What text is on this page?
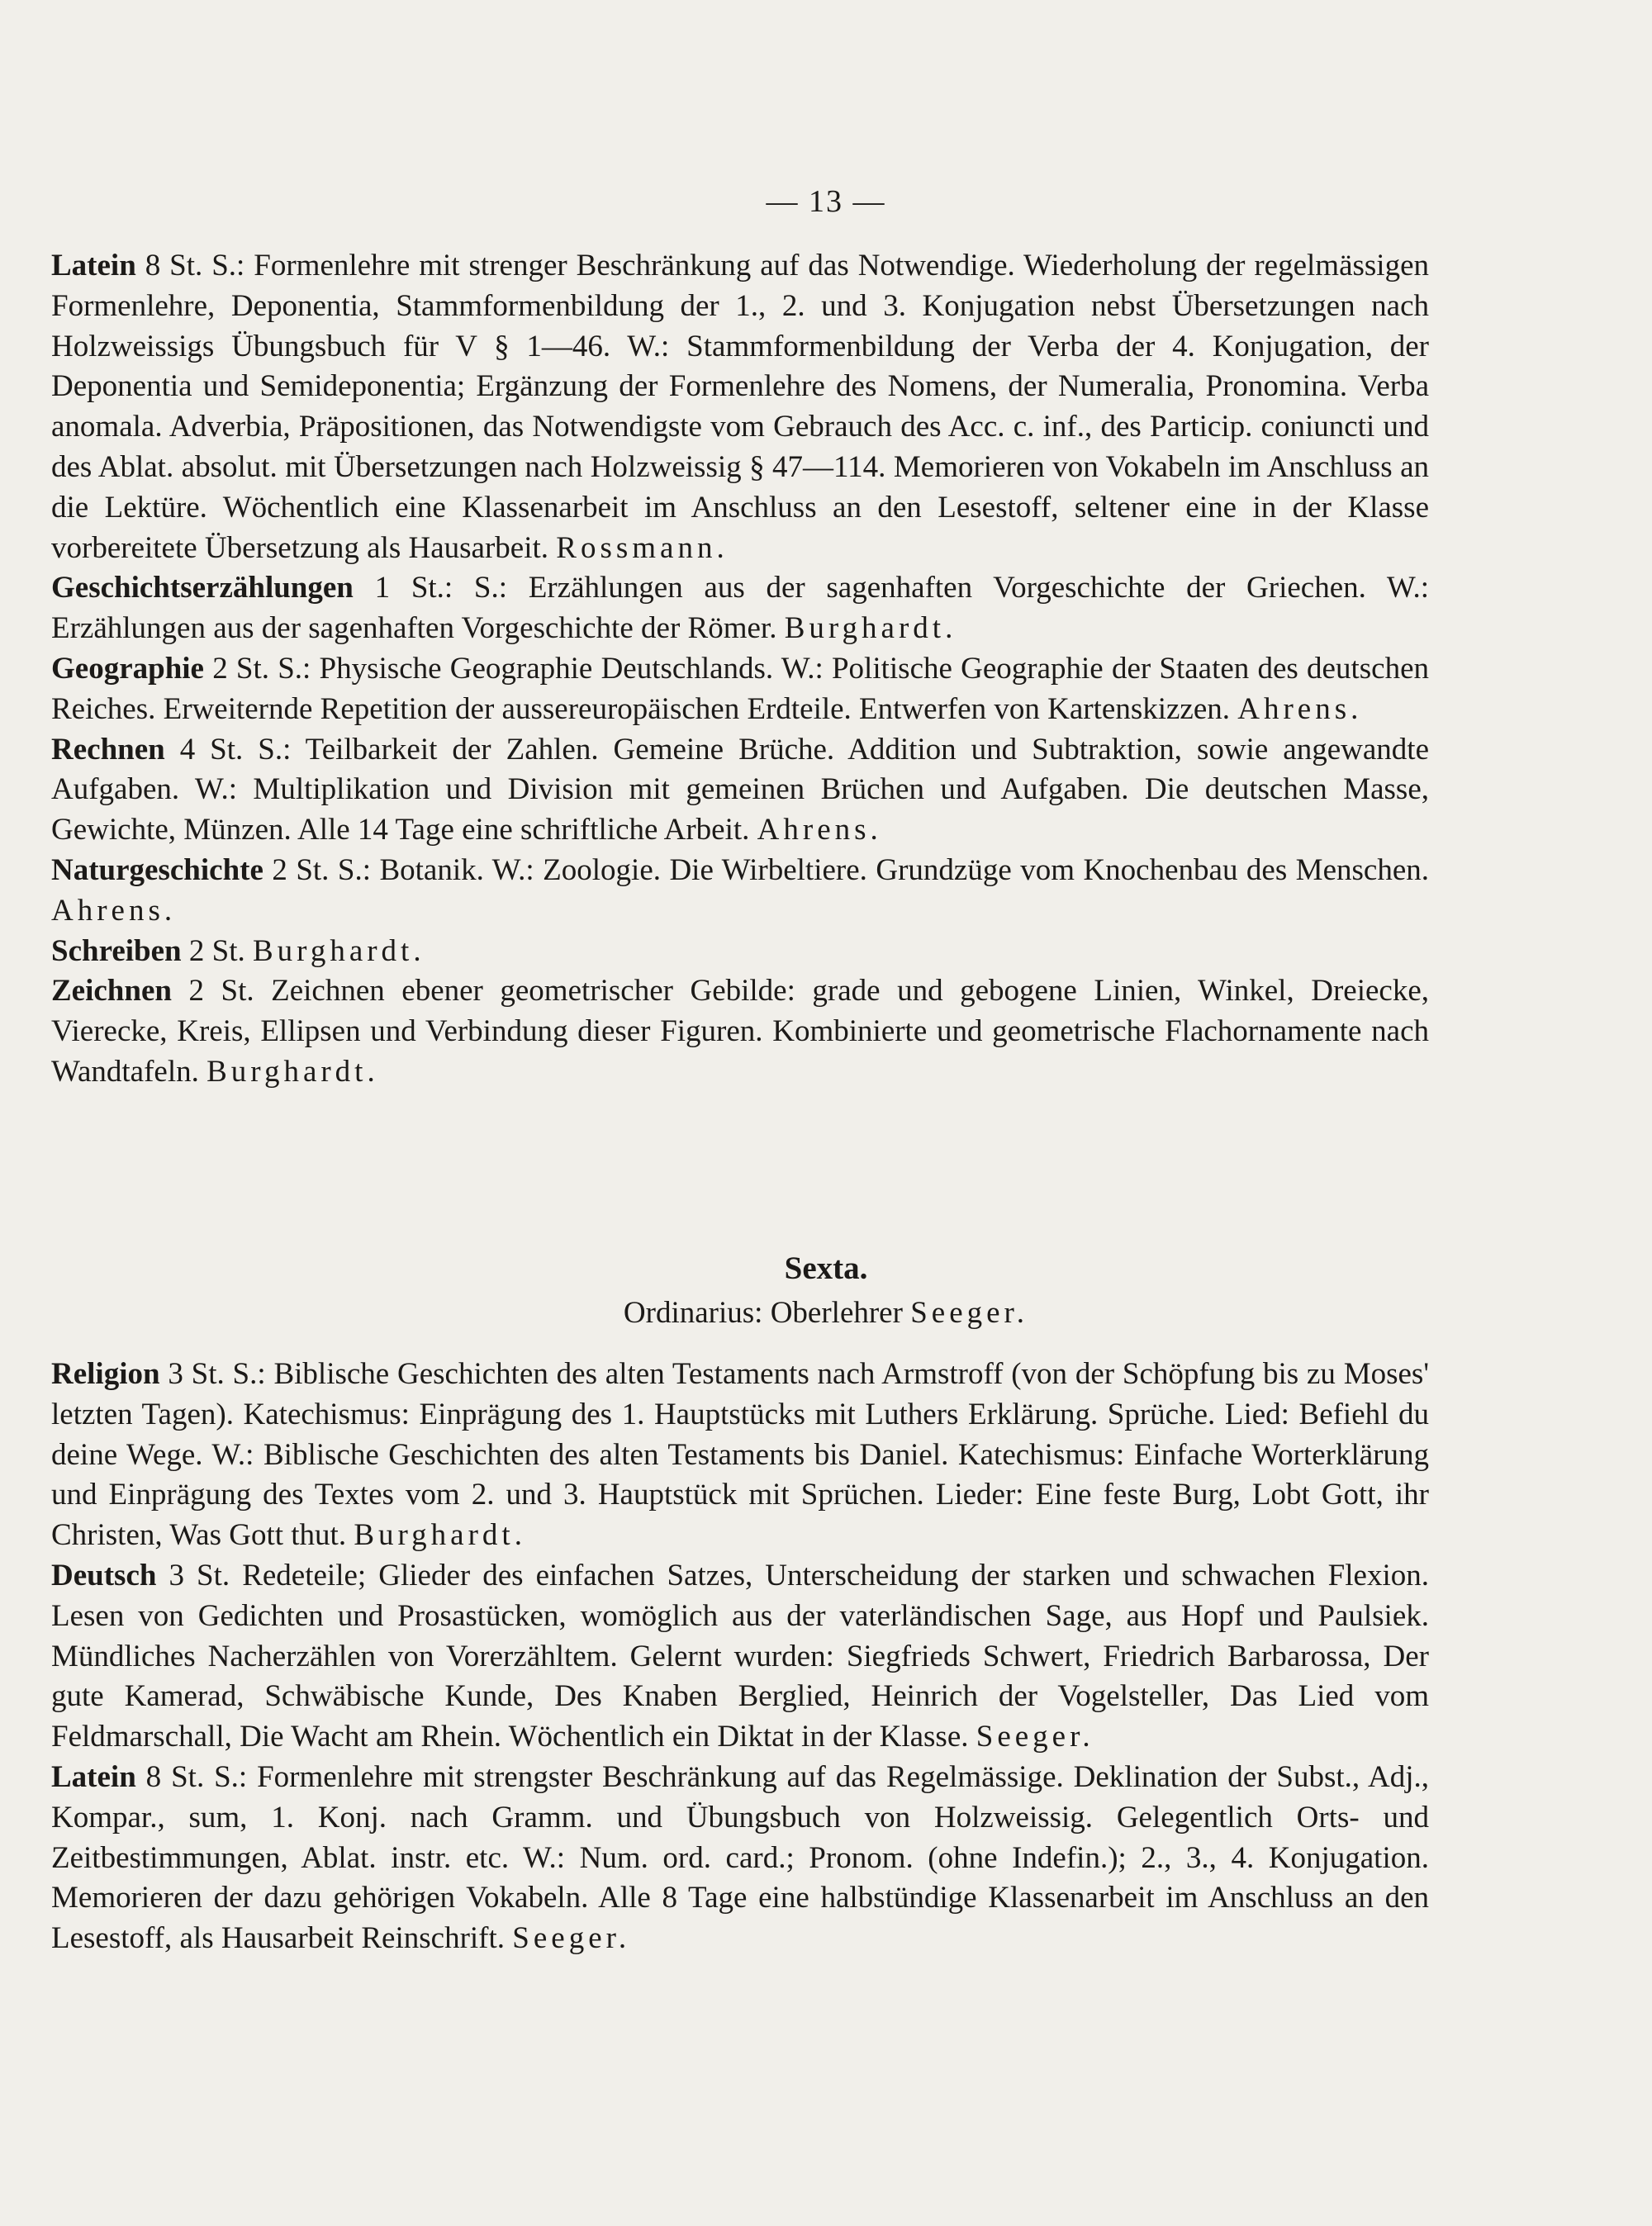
— 13 —

Latein 8 St. S.: Formenlehre mit strenger Beschränkung auf das Notwendige. Wiederholung der regelmässigen Formenlehre, Deponentia, Stammformenbildung der 1., 2. und 3. Konjugation nebst Übersetzungen nach Holzweissigs Übungsbuch für V § 1—46. W.: Stammformenbildung der Verba der 4. Konjugation, der Deponentia und Semideponentia; Ergänzung der Formenlehre des Nomens, der Numeralia, Pronomina. Verba anomala. Adverbia, Präpositionen, das Notwendigste vom Gebrauch des Acc. c. inf., des Particip. coniuncti und des Ablat. absolut. mit Übersetzungen nach Holzweissig § 47—114. Memorieren von Vokabeln im Anschluss an die Lektüre. Wöchentlich eine Klassenarbeit im Anschluss an den Lesestoff, seltener eine in der Klasse vorbereitete Übersetzung als Hausarbeit. Rossmann.

Geschichtserzählungen 1 St.: S.: Erzählungen aus der sagenhaften Vorgeschichte der Griechen. W.: Erzählungen aus der sagenhaften Vorgeschichte der Römer. Burghardt.

Geographie 2 St. S.: Physische Geographie Deutschlands. W.: Politische Geographie der Staaten des deutschen Reiches. Erweiternde Repetition der aussereuropäischen Erdteile. Entwerfen von Kartenskizzen. Ahrens.

Rechnen 4 St. S.: Teilbarkeit der Zahlen. Gemeine Brüche. Addition und Subtraktion, sowie angewandte Aufgaben. W.: Multiplikation und Division mit gemeinen Brüchen und Aufgaben. Die deutschen Masse, Gewichte, Münzen. Alle 14 Tage eine schriftliche Arbeit. Ahrens.

Naturgeschichte 2 St. S.: Botanik. W.: Zoologie. Die Wirbeltiere. Grundzüge vom Knochenbau des Menschen. Ahrens.

Schreiben 2 St. Burghardt.

Zeichnen 2 St. Zeichnen ebener geometrischer Gebilde: grade und gebogene Linien, Winkel, Dreiecke, Vierecke, Kreis, Ellipsen und Verbindung dieser Figuren. Kombinierte und geometrische Flachornamente nach Wandtafeln. Burghardt.

Sexta.
Ordinarius: Oberlehrer Seeger.

Religion 3 St. S.: Biblische Geschichten des alten Testaments nach Armstroff (von der Schöpfung bis zu Moses' letzten Tagen). Katechismus: Einprägung des 1. Hauptstücks mit Luthers Erklärung. Sprüche. Lied: Befiehl du deine Wege. W.: Biblische Geschichten des alten Testaments bis Daniel. Katechismus: Einfache Worterklärung und Einprägung des Textes vom 2. und 3. Hauptstück mit Sprüchen. Lieder: Eine feste Burg, Lobt Gott, ihr Christen, Was Gott thut. Burghardt.

Deutsch 3 St. Redeteile; Glieder des einfachen Satzes, Unterscheidung der starken und schwachen Flexion. Lesen von Gedichten und Prosastücken, womöglich aus der vaterländischen Sage, aus Hopf und Paulsiek. Mündliches Nacherzählen von Vorerzähltem. Gelernt wurden: Siegfrieds Schwert, Friedrich Barbarossa, Der gute Kamerad, Schwäbische Kunde, Des Knaben Berglied, Heinrich der Vogelsteller, Das Lied vom Feldmarschall, Die Wacht am Rhein. Wöchentlich ein Diktat in der Klasse. Seeger.

Latein 8 St. S.: Formenlehre mit strengster Beschränkung auf das Regelmässige. Deklination der Subst., Adj., Kompar., sum, 1. Konj. nach Gramm. und Übungsbuch von Holzweissig. Gelegentlich Orts- und Zeitbestimmungen, Ablat. instr. etc. W.: Num. ord. card.; Pronom. (ohne Indefin.); 2., 3., 4. Konjugation. Memorieren der dazu gehörigen Vokabeln. Alle 8 Tage eine halbstündige Klassenarbeit im Anschluss an den Lesestoff, als Hausarbeit Reinschrift. Seeger.
